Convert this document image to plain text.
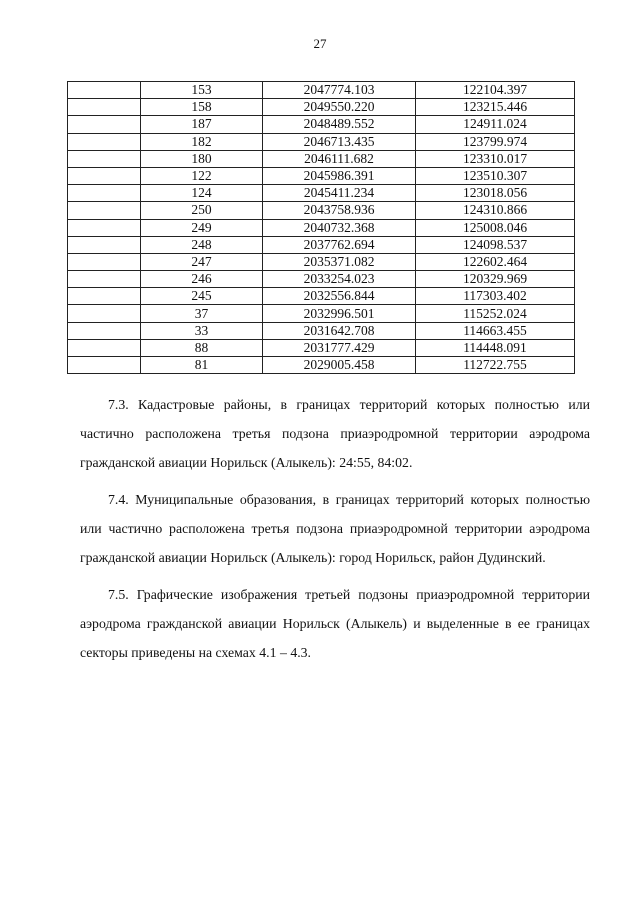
27
	153	2047774.103	122104.397
	158	2049550.220	123215.446
	187	2048489.552	124911.024
	182	2046713.435	123799.974
	180	2046111.682	123310.017
	122	2045986.391	123510.307
	124	2045411.234	123018.056
	250	2043758.936	124310.866
	249	2040732.368	125008.046
	248	2037762.694	124098.537
	247	2035371.082	122602.464
	246	2033254.023	120329.969
	245	2032556.844	117303.402
	37	2032996.501	115252.024
	33	2031642.708	114663.455
	88	2031777.429	114448.091
	81	2029005.458	112722.755

7.3. Кадастровые районы, в границах территорий которых полностью или частично расположена третья подзона приаэродромной территории аэродрома гражданской авиации Норильск (Алыкель): 24:55, 84:02.

7.4. Муниципальные образования, в границах территорий которых полностью или частично расположена третья подзона приаэродромной территории аэродрома гражданской авиации Норильск (Алыкель): город Норильск, район Дудинский.

7.5. Графические изображения третьей подзоны приаэродромной территории аэродрома гражданской авиации Норильск (Алыкель) и выделенные в ее границах секторы приведены на схемах 4.1 – 4.3.
